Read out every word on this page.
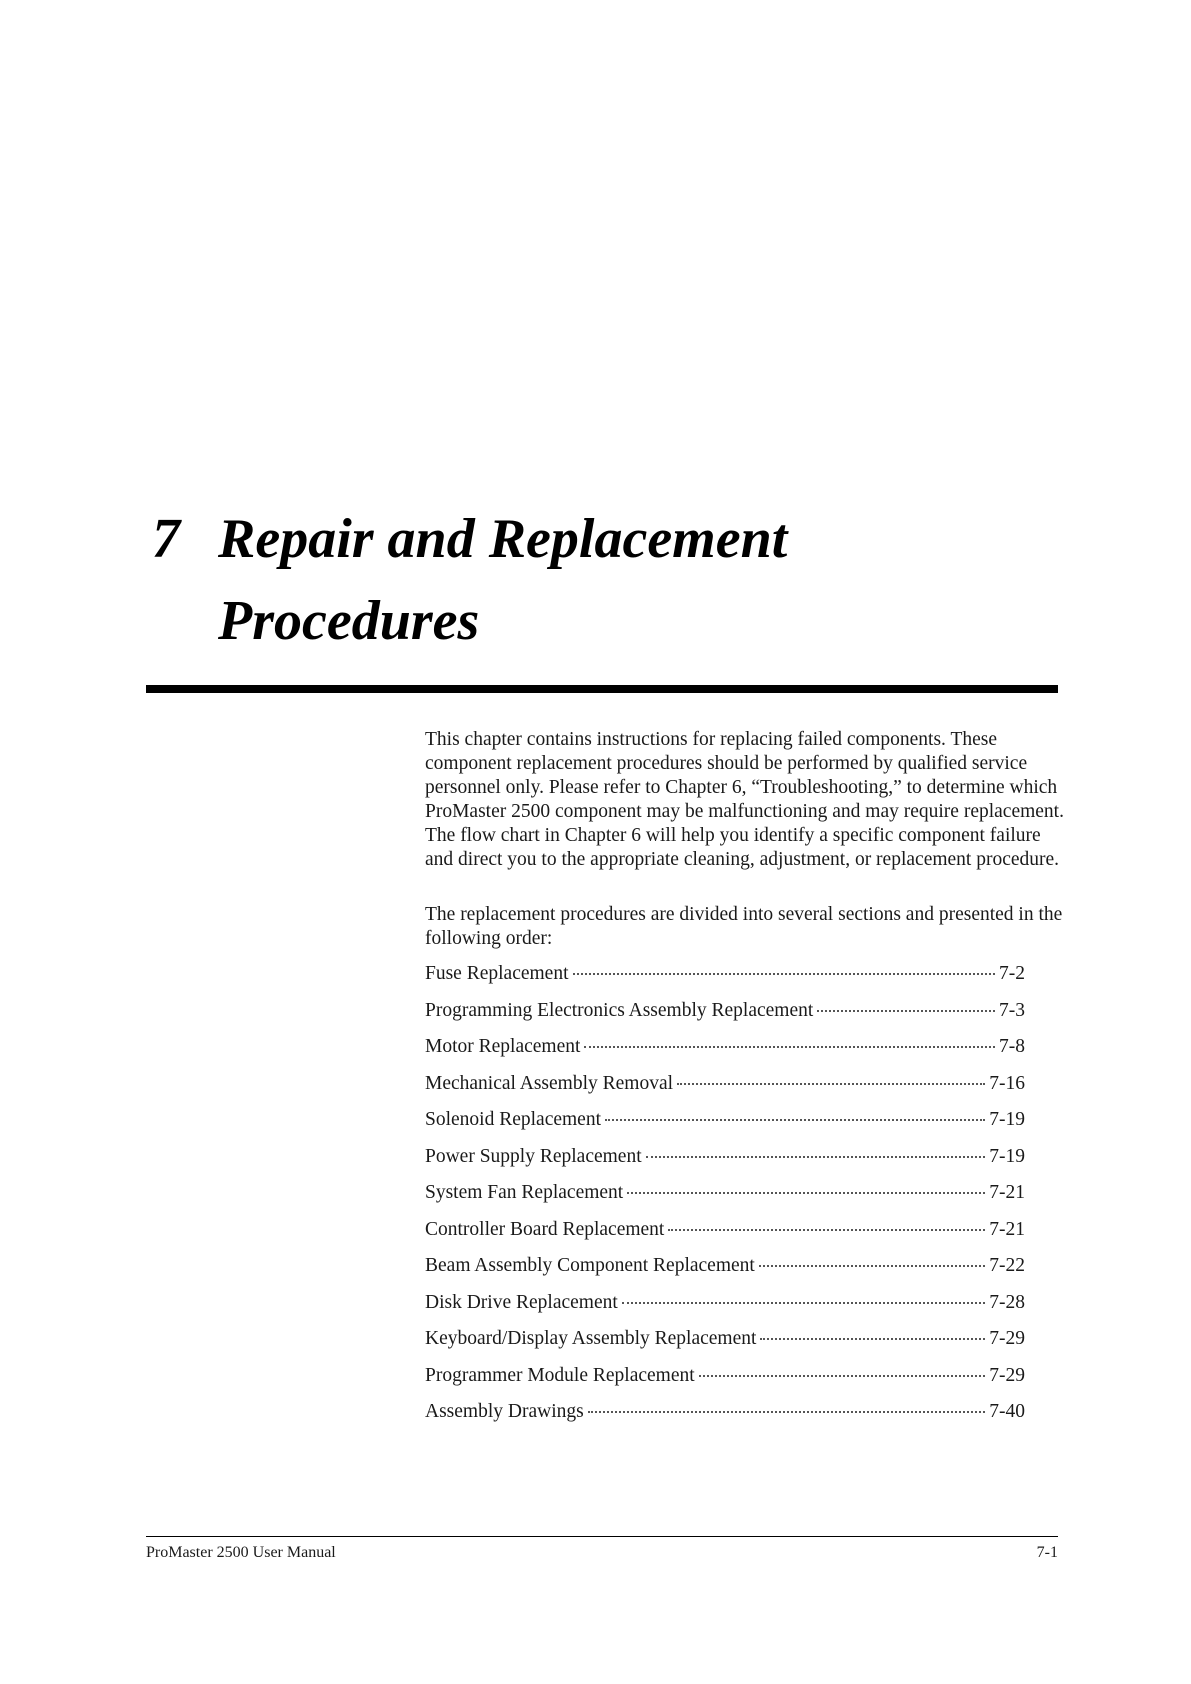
7 Repair and Replacement
Procedures

This chapter contains instructions for replacing failed components. These component replacement procedures should be performed by qualified service personnel only. Please refer to Chapter 6, “Troubleshooting,” to determine which ProMaster 2500 component may be malfunctioning and may require replacement. The flow chart in Chapter 6 will help you identify a specific component failure and direct you to the appropriate cleaning, adjustment, or replacement procedure.

The replacement procedures are divided into several sections and presented in the following order:

Fuse Replacement	7-2
Programming Electronics Assembly Replacement	7-3
Motor Replacement	7-8
Mechanical Assembly Removal	7-16
Solenoid Replacement	7-19
Power Supply Replacement	7-19
System Fan Replacement	7-21
Controller Board Replacement	7-21
Beam Assembly Component Replacement	7-22
Disk Drive Replacement	7-28
Keyboard/Display Assembly Replacement	7-29
Programmer Module Replacement	7-29
Assembly Drawings	7-40
ProMaster 2500 User Manual	7-1
